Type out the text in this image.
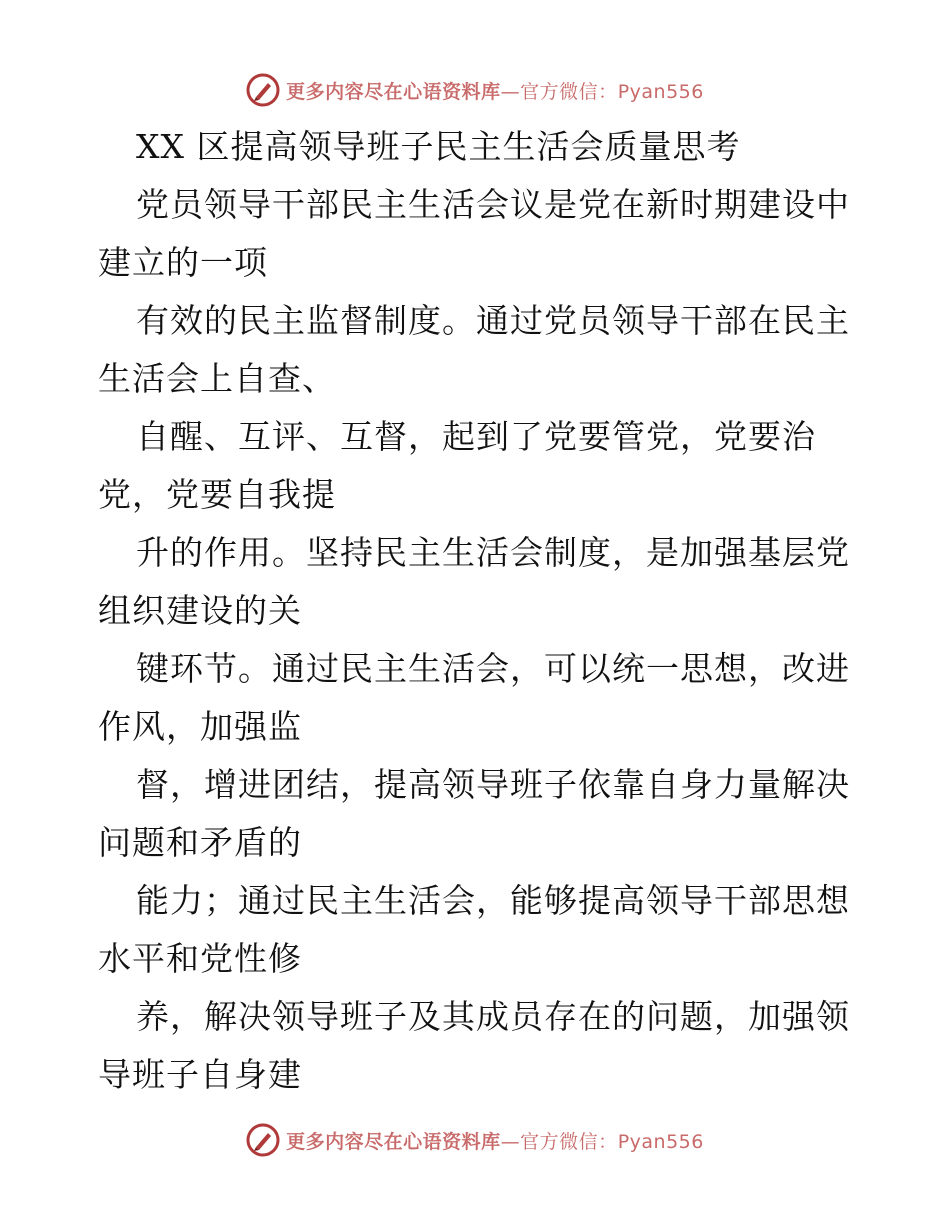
更多内容尽在心语资料库—官方微信：Pyan556
XX 区提高领导班子民主生活会质量思考
党员领导干部民主生活会议是党在新时期建设中
建立的一项
有效的民主监督制度。通过党员领导干部在民主
生活会上自查、
自醒、互评、互督，起到了党要管党，党要治
党，党要自我提
升的作用。坚持民主生活会制度，是加强基层党
组织建设的关
键环节。通过民主生活会，可以统一思想，改进
作风，加强监
督，增进团结，提高领导班子依靠自身力量解决
问题和矛盾的
能力；通过民主生活会，能够提高领导干部思想
水平和党性修
养，解决领导班子及其成员存在的问题，加强领
导班子自身建
更多内容尽在心语资料库—官方微信：Pyan556
